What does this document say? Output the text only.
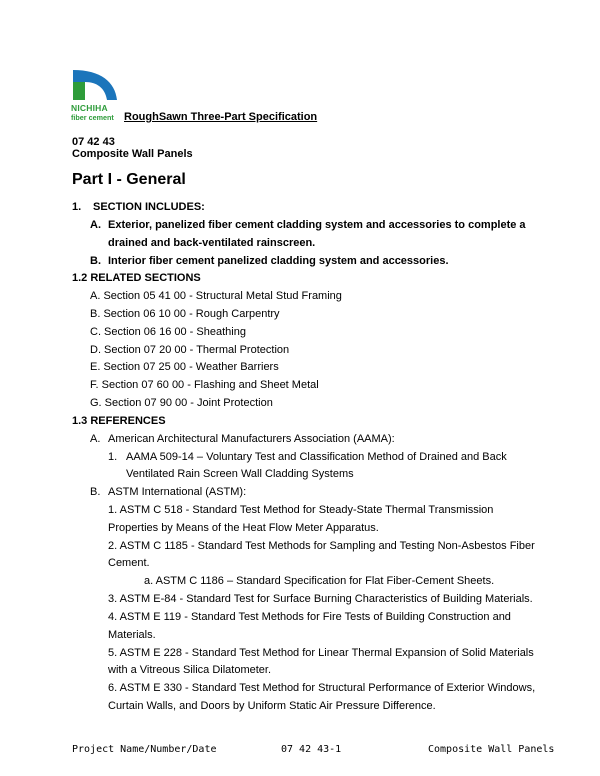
NICHIHA
fiber cement RoughSawn Three-Part Specification
07 42 43
Composite Wall Panels
Part I - General
1. SECTION INCLUDES:
A. Exterior, panelized fiber cement cladding system and accessories to complete a
drained and back-ventilated rainscreen.
B. Interior fiber cement panelized cladding system and accessories.
1.2 RELATED SECTIONS
A. Section 05 41 00 - Structural Metal Stud Framing
B. Section 06 10 00 - Rough Carpentry
C. Section 06 16 00 - Sheathing
D. Section 07 20 00 - Thermal Protection
E. Section 07 25 00 - Weather Barriers
F. Section 07 60 00 - Flashing and Sheet Metal
G. Section 07 90 00 - Joint Protection
1.3 REFERENCES
A. American Architectural Manufacturers Association (AAMA):
1. AAMA 509-14 – Voluntary Test and Classification Method of Drained and Back
Ventilated Rain Screen Wall Cladding Systems
B. ASTM International (ASTM):
1. ASTM C 518 - Standard Test Method for Steady-State Thermal Transmission
Properties by Means of the Heat Flow Meter Apparatus.
2. ASTM C 1185 - Standard Test Methods for Sampling and Testing Non-Asbestos Fiber
Cement.
a. ASTM C 1186 – Standard Specification for Flat Fiber-Cement Sheets.
3. ASTM E-84 - Standard Test for Surface Burning Characteristics of Building Materials.
4. ASTM E 119 - Standard Test Methods for Fire Tests of Building Construction and
Materials.
5. ASTM E 228 - Standard Test Method for Linear Thermal Expansion of Solid Materials
with a Vitreous Silica Dilatometer.
6. ASTM E 330 - Standard Test Method for Structural Performance of Exterior Windows,
Curtain Walls, and Doors by Uniform Static Air Pressure Difference.
Project Name/Number/Date	07 42 43-1	Composite Wall Panels
